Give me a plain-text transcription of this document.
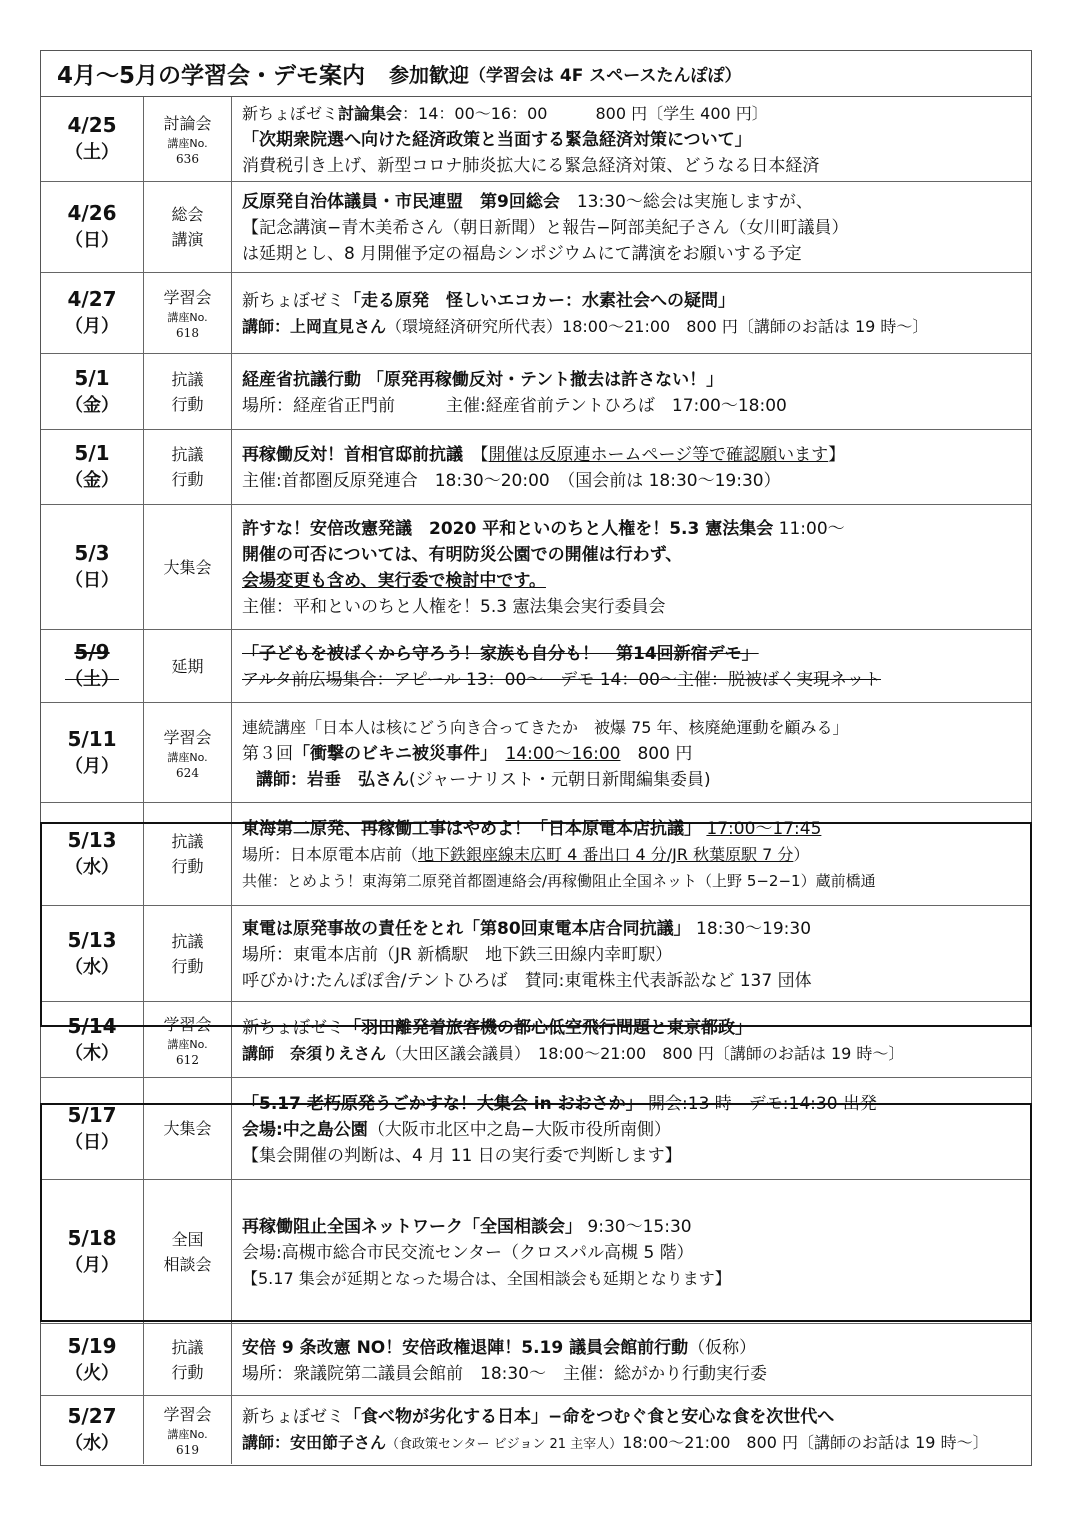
4月～5月の学習会・デモ案内 参加歓迎 （学習会は 4F スペースたんぽぽ）
4/25
（土）
討論会
講座No.
636
新ちょぼゼミ討論集会：14：00～16：00　　　800 円〔学生 400 円〕
「次期衆院選へ向けた経済政策と当面する緊急経済対策について」
消費税引き上げ、新型コロナ肺炎拡大にる緊急経済対策、どうなる日本経済
4/26
（日）
総会
講演
反原発自治体議員・市民連盟　第9回総会　13:30～総会は実施しますが、
【記念講演−青木美希さん（朝日新聞）と報告−阿部美紀子さん（女川町議員）
は延期とし、8 月開催予定の福島シンポジウムにて講演をお願いする予定
4/27
（月）
学習会
講座No.
618
新ちょぼゼミ「走る原発　怪しいエコカー：水素社会への疑問」
講師：上岡直見さん（環境経済研究所代表）18:00～21:00　800 円〔講師のお話は 19 時～〕
5/1
（金）
抗議
行動
経産省抗議行動 「原発再稼働反対・テント撤去は許さない！」
場所：経産省正門前　　　主催:経産省前テントひろば　17:00～18:00
5/1
（金）
抗議
行動
再稼働反対！首相官邸前抗議　【開催は反原連ホームページ等で確認願います】
主催:首都圏反原発連合　18:30～20:00　（国会前は 18:30～19:30）
5/3
（日）
大集会
許すな！安倍改憲発議　2020 平和といのちと人権を！5.3 憲法集会 11:00～
開催の可否については、有明防災公園での開催は行わず、
会場変更も含め、実行委で検討中です。
主催：平和といのちと人権を！5.3 憲法集会実行委員会
5/9
（土）
延期
「子どもを被ばくから守ろう！家族も自分も！　第14回新宿デモ」
アルタ前広場集合：アピール 13：00～　デモ 14：00～主催：脱被ばく実現ネット
5/11
（月）
学習会
講座No.
624
連続講座「日本人は核にどう向き合ってきたか　被爆 75 年、核廃絶運動を顧みる」
第３回「衝撃のビキニ被災事件」　 14:00～16:00　800 円
講師：岩垂　弘さん(ジャーナリスト・元朝日新聞編集委員)
5/13
（水）
抗議
行動
東海第二原発、再稼働工事はやめよ！「日本原電本店抗議」 17:00～17:45
場所：日本原電本店前（地下鉄銀座線末広町 4 番出口 4 分/JR 秋葉原駅 7 分）
共催：とめよう！東海第二原発首都圏連絡会/再稼働阻止全国ネット（上野 5−2−1）蔵前橋通
5/13
（水）
抗議
行動
東電は原発事故の責任をとれ「第80回東電本店合同抗議」 18:30～19:30
場所：東電本店前（JR 新橋駅　地下鉄三田線内幸町駅）
呼びかけ:たんぽぽ舎/テントひろば　賛同:東電株主代表訴訟など 137 団体
5/14
（木）
学習会
講座No.
612
新ちょぼゼミ「羽田離発着旅客機の都心低空飛行問題と東京都政」
講師　奈須りえさん（大田区議会議員）　18:00～21:00　800 円〔講師のお話は 19 時～〕
5/17
（日）
大集会
「5.17 老朽原発うごかすな！大集会 in おおさか」 開会:13 時　デモ:14:30 出発
会場:中之島公園（大阪市北区中之島−大阪市役所南側）
【集会開催の判断は、4 月 11 日の実行委で判断します】
5/18
（月）
全国
相談会
再稼働阻止全国ネットワーク「全国相談会」 9:30～15:30
会場:高槻市総合市民交流センター（クロスパル高槻 5 階）
【5.17 集会が延期となった場合は、全国相談会も延期となります】
5/19
（火）
抗議
行動
安倍 9 条改憲 NO！安倍政権退陣！5.19 議員会館前行動（仮称）
場所：衆議院第二議員会館前　18:30～　主催：総がかり行動実行委
5/27
（水）
学習会
講座No.
619
新ちょぼゼミ「食べ物が劣化する日本」−命をつむぐ食と安心な食を次世代へ
講師：安田節子さん（食政策センター ビジョン 21 主宰人）18:00～21:00　800 円〔講師のお話は 19 時～〕
